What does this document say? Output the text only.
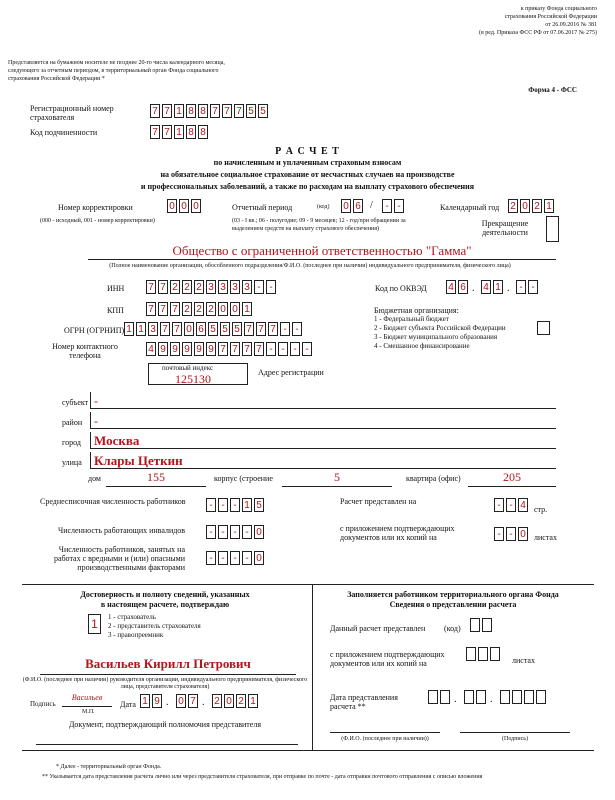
к приказу Фонда социального
страхования Российской Федерации
от 26.09.2016 № 381
(в ред. Приказа ФСС РФ от 07.06.2017 № 275)
Представляется на бумажном носителе не позднее 20-го числа календарного месяца,
следующего за отчетным периодом, в территориальный орган Фонда социального
страхования Российской Федерации *
Форма 4 - ФСС
Регистрационный номер
страхователя
7 7 1 8 8 7 7 7 5 5
Код подчиненности	7 7 1 8 8
Р А С Ч Е Т
по начисленным и уплаченным страховым взносам
на обязательное социальное страхование от несчастных случаев на производстве
и профессиональных заболеваний, а также по расходам на выплату страхового обеспечения
Номер корректировки	0 0 0
(000 - исходный, 001 - номер корректировки)
Отчетный период	(код) 0 6 /	- -
(03 - I кв.; 06 - полугодие; 09 - 9 месяцев; 12 - год/при обращении за
выделением средств на выплату страхового обеспечения)
Календарный год 2 0 2 1
Прекращение
деятельности
Общество с ограниченной ответственностью "Гамма"
(Полное наименование организации, обособленного подразделения/Ф.И.О. (последнее при наличии) индивидуального предпринимателя, физического лица)
ИНН 7 7 2 2 2 3 3 3 3 - -
КПП 7 7 7 2 2 2 0 0 1
ОГРН (ОГРНИП) 1 1 3 7 7 0 6 5 5 5 7 7 7 - -
Номер контактного
телефона
4 9 9 9 9 9 7 7 7 7 - - - -
Код по ОКВЭД 4 6 . 4 1 . - -
Бюджетная организация:
1 - Федеральный бюджет
2 - Бюджет субъекта Российской Федерации
3 - Бюджет муниципального образования
4 - Смешанное финансирование
почтовый индекс
125130	Адрес регистрации
субъект -
район -
город	Москва
улица Клары Цеткин
дом	155	корпус (строение	5	квартира (офис)	205
Среднесписочная численность работников	- - - 1 5
Численность работающих инвалидов	- - - - 0
Численность работников, занятых на
работах с вредными и (или) опасными
производственными факторами
- - - - 0
Расчет представлен на	- - 4 стр.
с приложением подтверждающих
документов или их копий на	- - 0 листах
Достоверность и полноту сведений, указанных
в настоящем расчете, подтверждаю
1	1 - страхователь
2 - представитель страхователя
3 - правопреемник
Васильев Кирилл Петрович
(Ф.И.О. (последнее при наличии) руководителя организации, индивидуального предпринимателя, физического
лица, представителя страхователя)
Подпись
Васильев
М.П.
Дата 1 9 . 0 7 . 2 0 2 1
Документ, подтверждающий полномочия представителя
Заполняется работником территориального органа Фонда
Сведения о представлении расчета
Данный расчет представлен (код)
с приложением подтверждающих
документов или их копий на	листах
Дата представления
расчета **
.	.
(Ф.И.О. (последнее при наличии))	(Подпись)
* Далее - территориальный орган Фонда.
** Указывается дата представления расчета лично или через представителя страхователя, при отправке по почте - дата отправки почтового отправления с описью вложения
